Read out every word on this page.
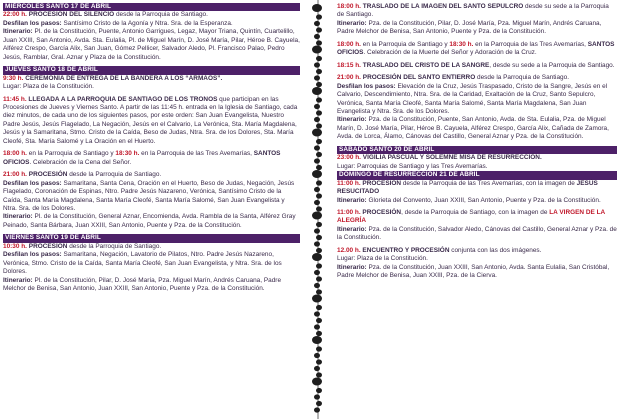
MIÉRCOLES SANTO 17 DE ABRIL

22:00 h. PROCESIÓN DEL SILENCIO desde la Parroquia de Santiago.
Desfilan los pasos: Santísimo Cristo de la Agonía y Ntra. Sra. de la Esperanza.
Itinerario: Pl. de la Constitución, Puente, Antonio Garrigues, Legaz, Mayor Triana, Quintín, Cuartelillo, Juan XXIII, San Antonio, Avda. Sta. Eulalia, Pl. de Miguel Marín, D. José María, Pilar, Héroe B. Cayuela, Alférez Crespo, García Alix, San Juan, Gómez Pellicer, Salvador Aledo, Pl. Francisco Palao, Pedro Jesús, Ramblar, Gral. Aznar y Plaza de la Constitución.

JUEVES SANTO 18 DE ABRIL

9:30 h. CEREMONIA DE ENTREGA DE LA BANDERA A LOS “ARMAOS”.
Lugar: Plaza de la Constitución.

11:45 h. LLEGADA A LA PARROQUIA DE SANTIAGO DE LOS TRONOS que participan en las Procesiones de Jueves y Viernes Santo. A partir de las 11:45 h. entrada en la Iglesia de Santiago, cada diez minutos, de cada uno de los siguientes pasos, por este orden: San Juan Evangelista, Nuestro Padre Jesús, Jesús Flagelado, La Negación, Jesús en el Calvario, La Verónica, Sta. María Magdalena, Jesús y la Samaritana, Stmo. Cristo de la Caída, Beso de Judas, Ntra. Sra. de los Dolores, Sta. María Cleofé, Sta. María Salomé y La Oración en el Huerto.

18:00 h. en la Parroquia de Santiago y 18:30 h. en la Parroquia de las Tres Avemarías, SANTOS OFICIOS. Celebración de la Cena del Señor.

21:00 h. PROCESIÓN desde la Parroquia de Santiago.
Desfilan los pasos: Samaritana, Santa Cena, Oración en el Huerto, Beso de Judas, Negación, Jesús Flagelado, Coronación de Espinas, Ntro. Padre Jesús Nazareno, Verónica, Santísimo Cristo de la Caída, Santa María Magdalena, Santa María Cleofé, Santa María Salomé, San Juan Evangelista y Ntra. Sra. de los Dolores.
Itinerario: Pl. de la Constitución, General Aznar, Encomienda, Avda. Rambla de la Santa, Alférez Gray Peinado, Santa Bárbara, Juan XXIII, San Antonio, Puente y Pza. de la Constitución.

VIERNES SANTO 19 DE ABRIL

10:30 h. PROCESIÓN desde la Parroquia de Santiago.
Desfilan los pasos: Samaritana, Negación, Lavatorio de Pilatos, Ntro. Padre Jesús Nazareno, Verónica, Stmo. Cristo de la Caída, Santa María Cleofé, San Juan Evangelista, y Ntra. Sra. de los Dolores.
Itinerario: Pl. de la Constitución, Pilar, D. José María, Pza. Miguel Marín, Andrés Caruana, Padre Melchor de Benisa, San Antonio, Juan XXIII, San Antonio, Puente y Pza. de la Constitución.

18:00 h. TRASLADO DE LA IMAGEN DEL SANTO SEPULCRO desde su sede a la Parroquia de Santiago.
Itinerario: Pza. de la Constitución, Pilar, D. José María, Pza. Miguel Marín, Andrés Caruana, Padre Melchor de Benisa, San Antonio, Puente y Pza. de la Constitución.

18:00 h. en la Parroquia de Santiago y 18:30 h. en la Parroquia de las Tres Avemarías, SANTOS OFICIOS. Celebración de la Muerte del Señor y Adoración de la Cruz.

18:15 h. TRASLADO DEL CRISTO DE LA SANGRE, desde su sede a la Parroquia de Santiago.

21:00 h. PROCESIÓN DEL SANTO ENTIERRO desde la Parroquia de Santiago.
Desfilan los pasos: Elevación de la Cruz, Jesús Traspasado, Cristo de la Sangre, Jesús en el Calvario, Descendimiento, Ntra. Sra. de la Caridad, Exaltación de la Cruz, Santo Sepulcro, Verónica, Santa María Cleofé, Santa María Salomé, Santa María Magdalena, San Juan Evangelista y Ntra. Sra. de los Dolores.
Itinerario: Pza. de la Constitución, Puente, San Antonio, Avda. de Sta. Eulalia, Pza. de Miguel Marín, D. José María, Pilar, Héroe B. Cayuela, Alférez Crespo, García Alix, Cañada de Zamora, Avda. de Lorca, Álamo, Cánovas del Castillo, General Aznar y Pza. de la Constitución.

SÁBADO SANTO 20 DE ABRIL

23:00 h. VIGILIA PASCUAL Y SOLEMNE MISA DE RESURRECCIÓN.
Lugar: Parroquias de Santiago y las Tres Avemarías.

DOMINGO DE RESURRECCIÓN 21 DE ABRIL

11:00 h. PROCESIÓN desde la Parroquia de las Tres Avemarías, con la imagen de JESÚS RESUCITADO
Itinerario: Glorieta del Convento, Juan XXIII, San Antonio, Puente y Pza. de la Constitución.

11:00 h. PROCESIÓN, desde la Parroquia de Santiago, con la imagen de LA VIRGEN DE LA ALEGRÍA
Itinerario: Pza. de la Constitución, Salvador Aledo, Cánovas del Castillo, General Aznar y Pza. de la Constitución.

12.00 h. ENCUENTRO Y PROCESIÓN conjunta con las dos imágenes.
Lugar: Plaza de la Constitución.
Itinerario: Pza. de la Constitución, Juan XXIII, San Antonio, Avda. Santa Eulalia, San Cristóbal, Padre Melchor de Benisa, Juan XXIII, Pza. de la Cierva.
